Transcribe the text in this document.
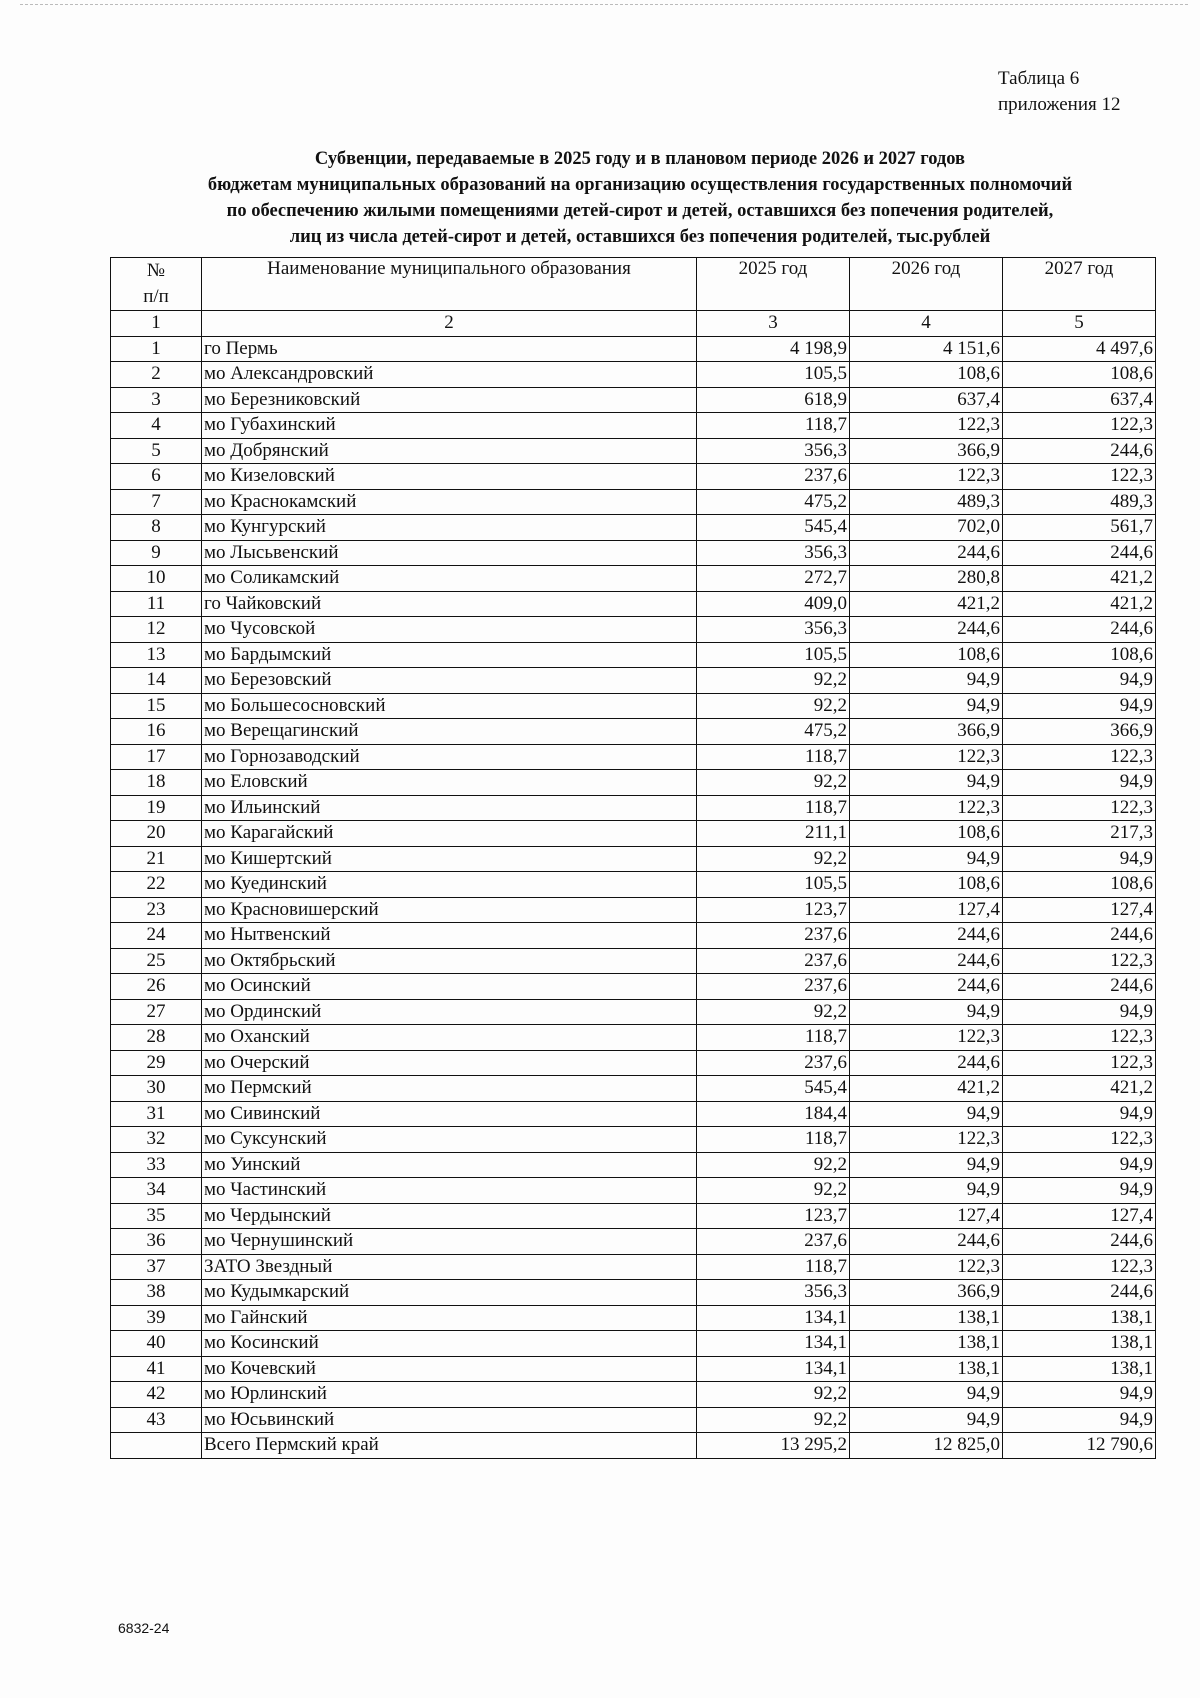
Таблица 6
приложения 12
Субвенции, передаваемые в 2025 году и в плановом периоде 2026 и 2027 годов
бюджетам муниципальных образований на организацию осуществления государственных полномочий
по обеспечению жилыми помещениями детей-сирот и детей, оставшихся без попечения родителей,
лиц из числа детей-сирот и детей, оставшихся без попечения родителей, тыс.рублей
№
п/п	Наименование муниципального образования	2025 год	2026 год	2027 год
1	2	3	4	5
1	го Пермь	4 198,9	4 151,6	4 497,6
2	мо Александровский	105,5	108,6	108,6
3	мо Березниковский	618,9	637,4	637,4
4	мо Губахинский	118,7	122,3	122,3
5	мо Добрянский	356,3	366,9	244,6
6	мо Кизеловский	237,6	122,3	122,3
7	мо Краснокамский	475,2	489,3	489,3
8	мо Кунгурский	545,4	702,0	561,7
9	мо Лысьвенский	356,3	244,6	244,6
10	мо Соликамский	272,7	280,8	421,2
11	го Чайковский	409,0	421,2	421,2
12	мо Чусовской	356,3	244,6	244,6
13	мо Бардымский	105,5	108,6	108,6
14	мо Березовский	92,2	94,9	94,9
15	мо Большесосновский	92,2	94,9	94,9
16	мо Верещагинский	475,2	366,9	366,9
17	мо Горнозаводский	118,7	122,3	122,3
18	мо Еловский	92,2	94,9	94,9
19	мо Ильинский	118,7	122,3	122,3
20	мо Карагайский	211,1	108,6	217,3
21	мо Кишертский	92,2	94,9	94,9
22	мо Куединский	105,5	108,6	108,6
23	мо Красновишерский	123,7	127,4	127,4
24	мо Нытвенский	237,6	244,6	244,6
25	мо Октябрьский	237,6	244,6	122,3
26	мо Осинский	237,6	244,6	244,6
27	мо Ординский	92,2	94,9	94,9
28	мо Оханский	118,7	122,3	122,3
29	мо Очерский	237,6	244,6	122,3
30	мо Пермский	545,4	421,2	421,2
31	мо Сивинский	184,4	94,9	94,9
32	мо Суксунский	118,7	122,3	122,3
33	мо Уинский	92,2	94,9	94,9
34	мо Частинский	92,2	94,9	94,9
35	мо Чердынский	123,7	127,4	127,4
36	мо Чернушинский	237,6	244,6	244,6
37	ЗАТО Звездный	118,7	122,3	122,3
38	мо Кудымкарский	356,3	366,9	244,6
39	мо Гайнский	134,1	138,1	138,1
40	мо Косинский	134,1	138,1	138,1
41	мо Кочевский	134,1	138,1	138,1
42	мо Юрлинский	92,2	94,9	94,9
43	мо Юсьвинский	92,2	94,9	94,9
	Всего Пермский край	13 295,2	12 825,0	12 790,6
6832-24
